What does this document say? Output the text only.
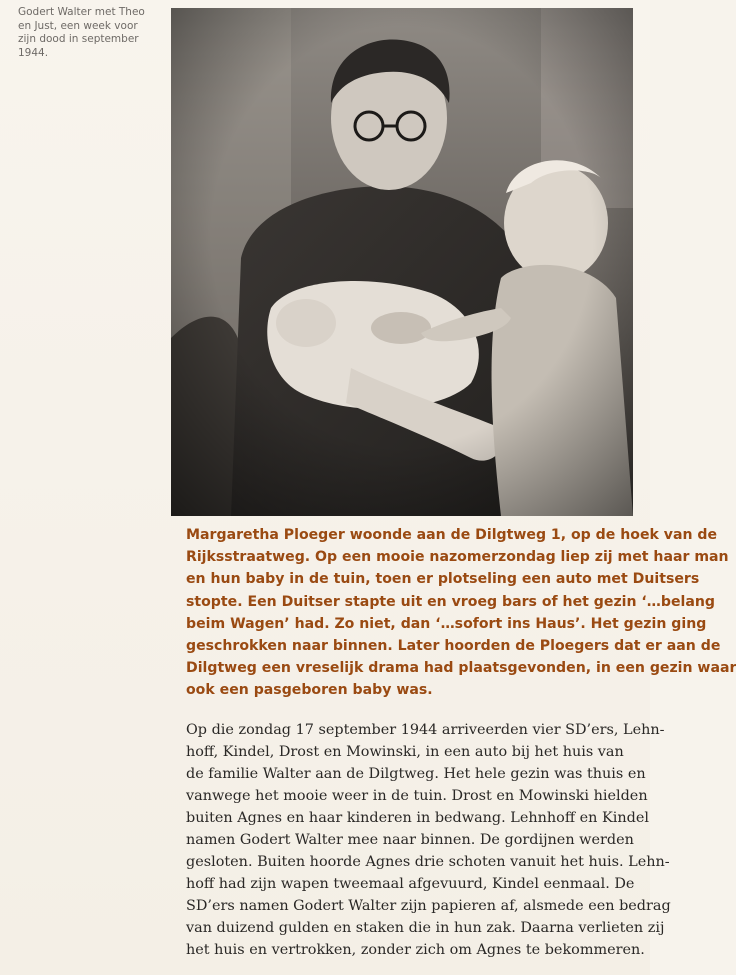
Godert Walter met Theo
en Just, een week voor
zijn dood in september
1944.
Margaretha Ploeger woonde aan de Dilgtweg 1, op de hoek van de
Rijksstraatweg. Op een mooie nazomerzondag liep zij met haar man
en hun baby in de tuin, toen er plotseling een auto met Duitsers
stopte. Een Duitser stapte uit en vroeg bars of het gezin ‘…belang
beim Wagen’ had. Zo niet, dan ‘…sofort ins Haus’. Het gezin ging
geschrokken naar binnen. Later hoorden de Ploegers dat er aan de
Dilgtweg een vreselijk drama had plaatsgevonden, in een gezin waar
ook een pasgeboren baby was.
Op die zondag 17 september 1944 arriveerden vier SD’ers, Lehn-
hoff, Kindel, Drost en Mowinski, in een auto bij het huis van
de familie Walter aan de Dilgtweg. Het hele gezin was thuis en
vanwege het mooie weer in de tuin. Drost en Mowinski hielden
buiten Agnes en haar kinderen in bedwang. Lehnhoff en Kindel
namen Godert Walter mee naar binnen. De gordijnen werden
gesloten. Buiten hoorde Agnes drie schoten vanuit het huis. Lehn-
hoff had zijn wapen tweemaal afgevuurd, Kindel eenmaal. De
SD’ers namen Godert Walter zijn papieren af, alsmede een bedrag
van duizend gulden en staken die in hun zak. Daarna verlieten zij
het huis en vertrokken, zonder zich om Agnes te bekommeren.
